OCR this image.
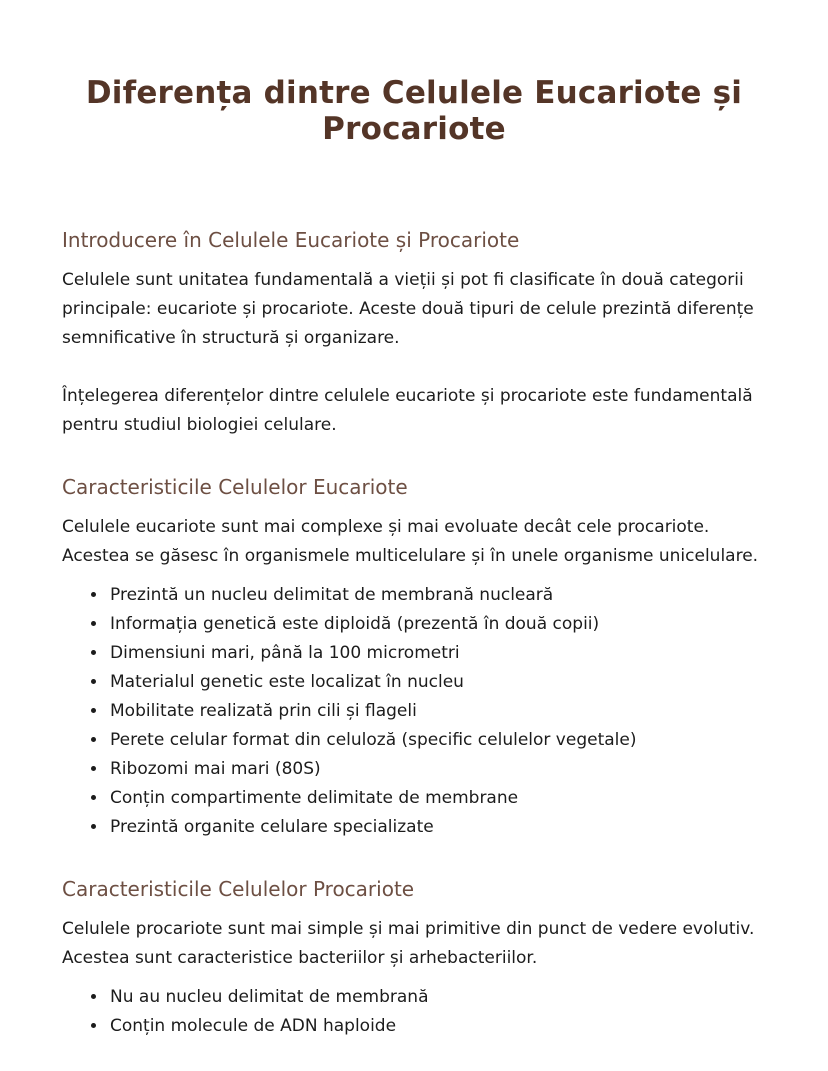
Diferența dintre Celulele Eucariote și Procariote
Introducere în Celulele Eucariote și Procariote

Celulele sunt unitatea fundamentală a vieții și pot fi clasificate în două categorii principale: eucariote și procariote. Aceste două tipuri de celule prezintă diferențe semnificative în structură și organizare.

Înțelegerea diferențelor dintre celulele eucariote și procariote este fundamentală pentru studiul biologiei celulare.

Caracteristicile Celulelor Eucariote

Celulele eucariote sunt mai complexe și mai evoluate decât cele procariote. Acestea se găsesc în organismele multicelulare și în unele organisme unicelulare.

• Prezintă un nucleu delimitat de membrană nucleară
• Informația genetică este diploidă (prezentă în două copii)
• Dimensiuni mari, până la 100 micrometri
• Materialul genetic este localizat în nucleu
• Mobilitate realizată prin cili și flageli
• Perete celular format din celuloză (specific celulelor vegetale)
• Ribozomi mai mari (80S)
• Conțin compartimente delimitate de membrane
• Prezintă organite celulare specializate
Caracteristicile Celulelor Procariote

Celulele procariote sunt mai simple și mai primitive din punct de vedere evolutiv. Acestea sunt caracteristice bacteriilor și arhebacteriilor.

• Nu au nucleu delimitat de membrană
• Conțin molecule de ADN haploide
